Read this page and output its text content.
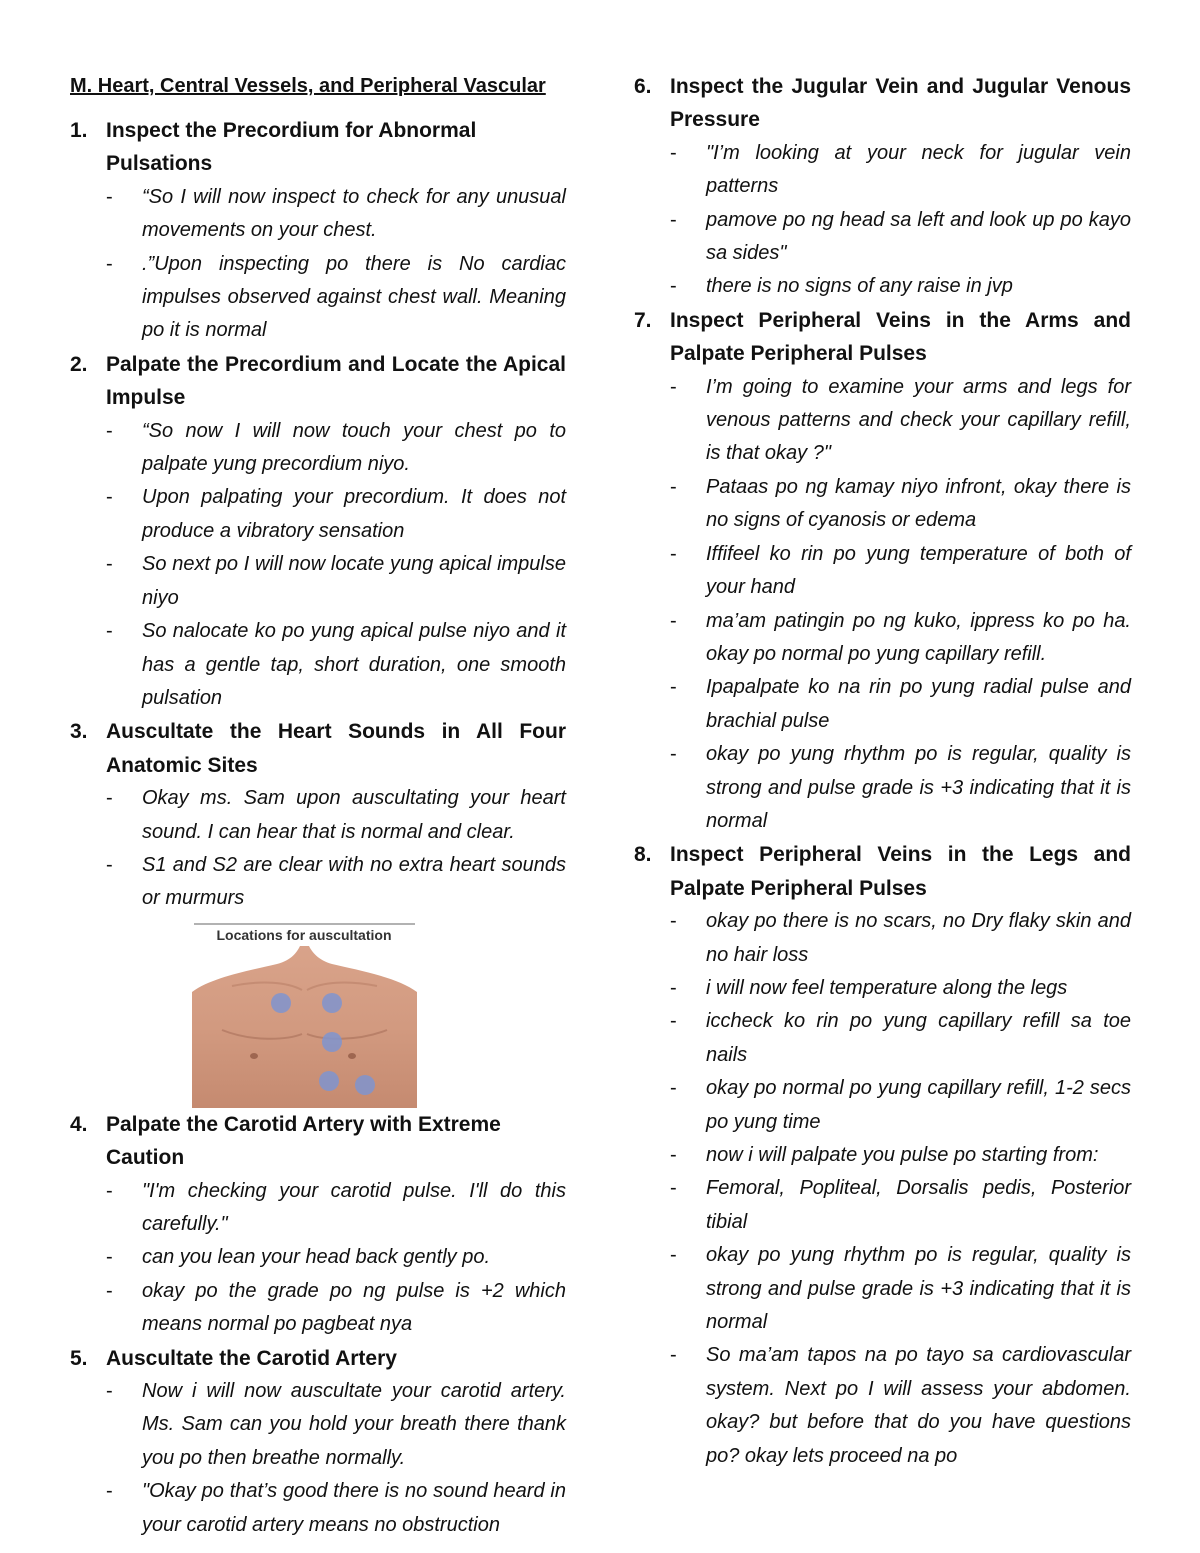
M. Heart, Central Vessels, and Peripheral Vascular
1. Inspect the Precordium for Abnormal Pulsations
-	“So I will now inspect to check for any unusual movements on your chest.
-	.”Upon inspecting po there is No cardiac impulses observed against chest wall. Meaning po it is normal
2. Palpate the Precordium and Locate the Apical Impulse
-	“So now I will now touch your chest po to palpate yung precordium niyo.
-	Upon palpating your precordium. It does not produce a vibratory sensation
-	So next po I will now locate yung apical impulse niyo
-	So nalocate ko po yung apical pulse niyo and it has a gentle tap, short duration, one smooth pulsation
3. Auscultate the Heart Sounds in All Four Anatomic Sites
-	Okay ms. Sam upon auscultating your heart sound. I can hear that is normal and clear.
-	S1 and S2 are clear with no extra heart sounds or murmurs
Locations for auscultation
4. Palpate the Carotid Artery with Extreme Caution
-	"I'm checking your carotid pulse. I'll do this carefully."
-	can you lean your head back gently po.
-	okay po the grade po ng pulse is +2 which means normal po pagbeat nya
5. Auscultate the Carotid Artery
-	Now i will now auscultate your carotid artery. Ms. Sam can you hold your breath there thank you po then breathe normally.
-	"Okay po that’s good there is no sound heard in your carotid artery means no obstruction
6. Inspect the Jugular Vein and Jugular Venous Pressure
-	"I’m looking at your neck for jugular vein patterns
-	pamove po ng head sa left and look up po kayo sa sides"
-	there is no signs of any raise in jvp
7. Inspect Peripheral Veins in the Arms and Palpate Peripheral Pulses
-	I’m going to examine your arms and legs for venous patterns and check your capillary refill, is that okay ?"
-	Pataas po ng kamay niyo infront, okay there is no signs of cyanosis or edema
-	Iffifeel ko rin po yung temperature of both of your hand
-	ma’am patingin po ng kuko, ippress ko po ha. okay po normal po yung capillary refill.
-	Ipapalpate ko na rin po yung radial pulse and brachial pulse
-	okay po yung rhythm po is regular, quality is strong and pulse grade is +3 indicating that it is normal
8. Inspect Peripheral Veins in the Legs and Palpate Peripheral Pulses
-	okay po there is no scars, no Dry flaky skin and no hair loss
-	i will now feel temperature along the legs
-	iccheck ko rin po yung capillary refill sa toe nails
-	okay po normal po yung capillary refill, 1-2 secs po yung time
-	now i will palpate you pulse po starting from:
-	Femoral, Popliteal, Dorsalis pedis, Posterior tibial
-	okay po yung rhythm po is regular, quality is strong and pulse grade is +3 indicating that it is normal
-	So ma’am tapos na po tayo sa cardiovascular system. Next po I will assess your abdomen. okay? but before that do you have questions po? okay lets proceed na po
